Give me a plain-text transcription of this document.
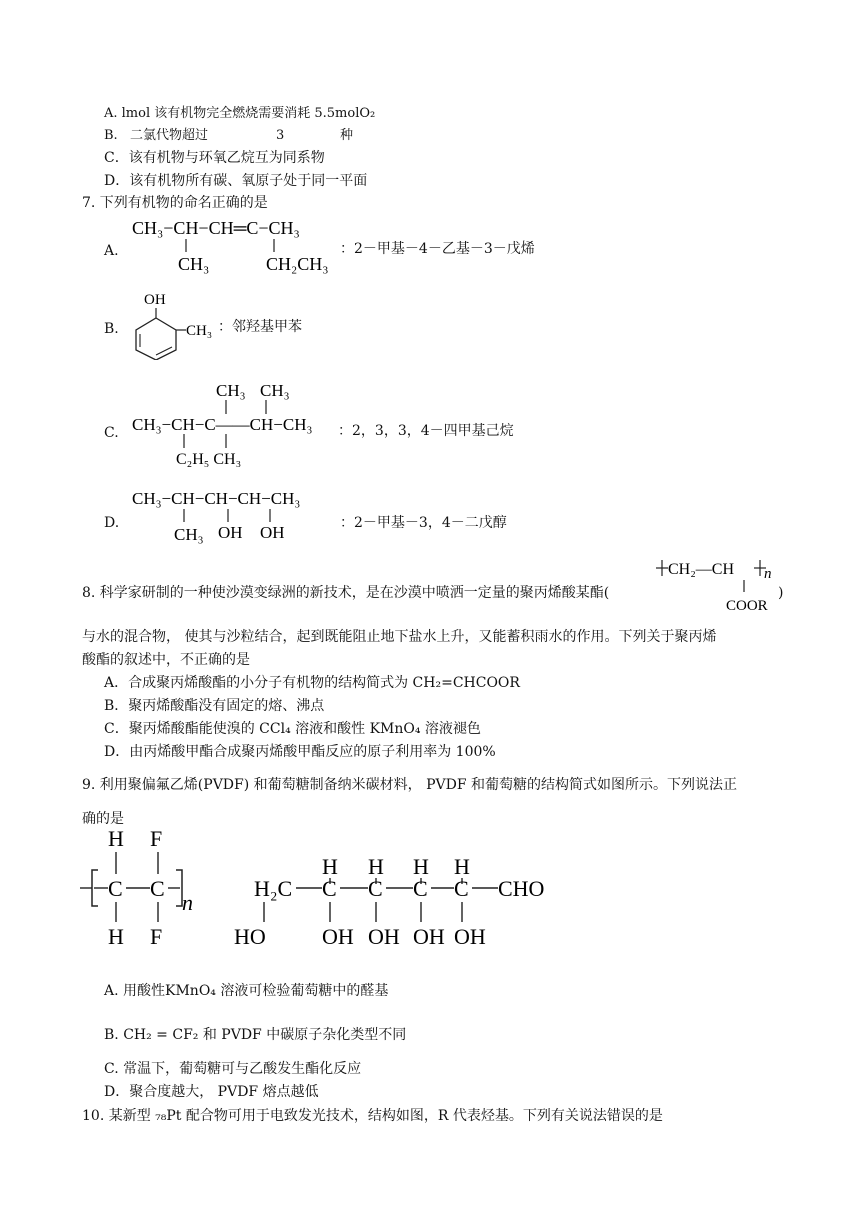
A. lmol 该有机物完全燃烧需要消耗 5.5molO₂
B. 二氯代物超过	3	种
C．该有机物与环氧乙烷互为同系物
D．该有机物所有碳、氧原子处于同一平面
7. 下列有机物的命名正确的是
A.
CH₃−CH−CH═C−CH₃
CH₃	CH₂CH₃
：2－甲基－4－乙基－3－戊烯
B.
OH
CH₃ ：邻羟基甲苯
C.
CH₃ CH₃
CH₃−CH−C——CH−CH₃
C₂H₅ CH₃
：2，3，3，4－四甲基己烷
D.
CH₃−CH−CH−CH−CH₃
CH₃ OH OH	：2－甲基－3，4－二戊醇
8. 科学家研制的一种使沙漠变绿洲的新技术，是在沙漠中喷洒一定量的聚丙烯酸某酯(
CH₂—CH n
COOR
)
与水的混合物， 使其与沙粒结合，起到既能阻止地下盐水上升，又能蓄积雨水的作用。下列关于聚丙烯
酸酯的叙述中，不正确的是
A．合成聚丙烯酸酯的小分子有机物的结构简式为 CH₂=CHCOOR
B．聚丙烯酸酯没有固定的熔、沸点
C．聚丙烯酸酯能使溴的 CCl₄ 溶液和酸性 KMnO₄ 溶液褪色
D．由丙烯酸甲酯合成聚丙烯酸甲酯反应的原子利用率为 100%
9. 利用聚偏氟乙烯(PVDF) 和葡萄糖制备纳米碳材料， PVDF 和葡萄糖的结构简式如图所示。下列说法正
确的是
H F
C C
n
H F
H H H H
H₂C C C C C CHO
HO	OH OH OH OH
A. 用酸性KMnO₄ 溶液可检验葡萄糖中的醛基
B. CH₂ = CF₂ 和 PVDF 中碳原子杂化类型不同
C. 常温下，葡萄糖可与乙酸发生酯化反应
D．聚合度越大， PVDF 熔点越低
10. 某新型 ₇₈Pt 配合物可用于电致发光技术，结构如图，R 代表烃基。下列有关说法错误的是
